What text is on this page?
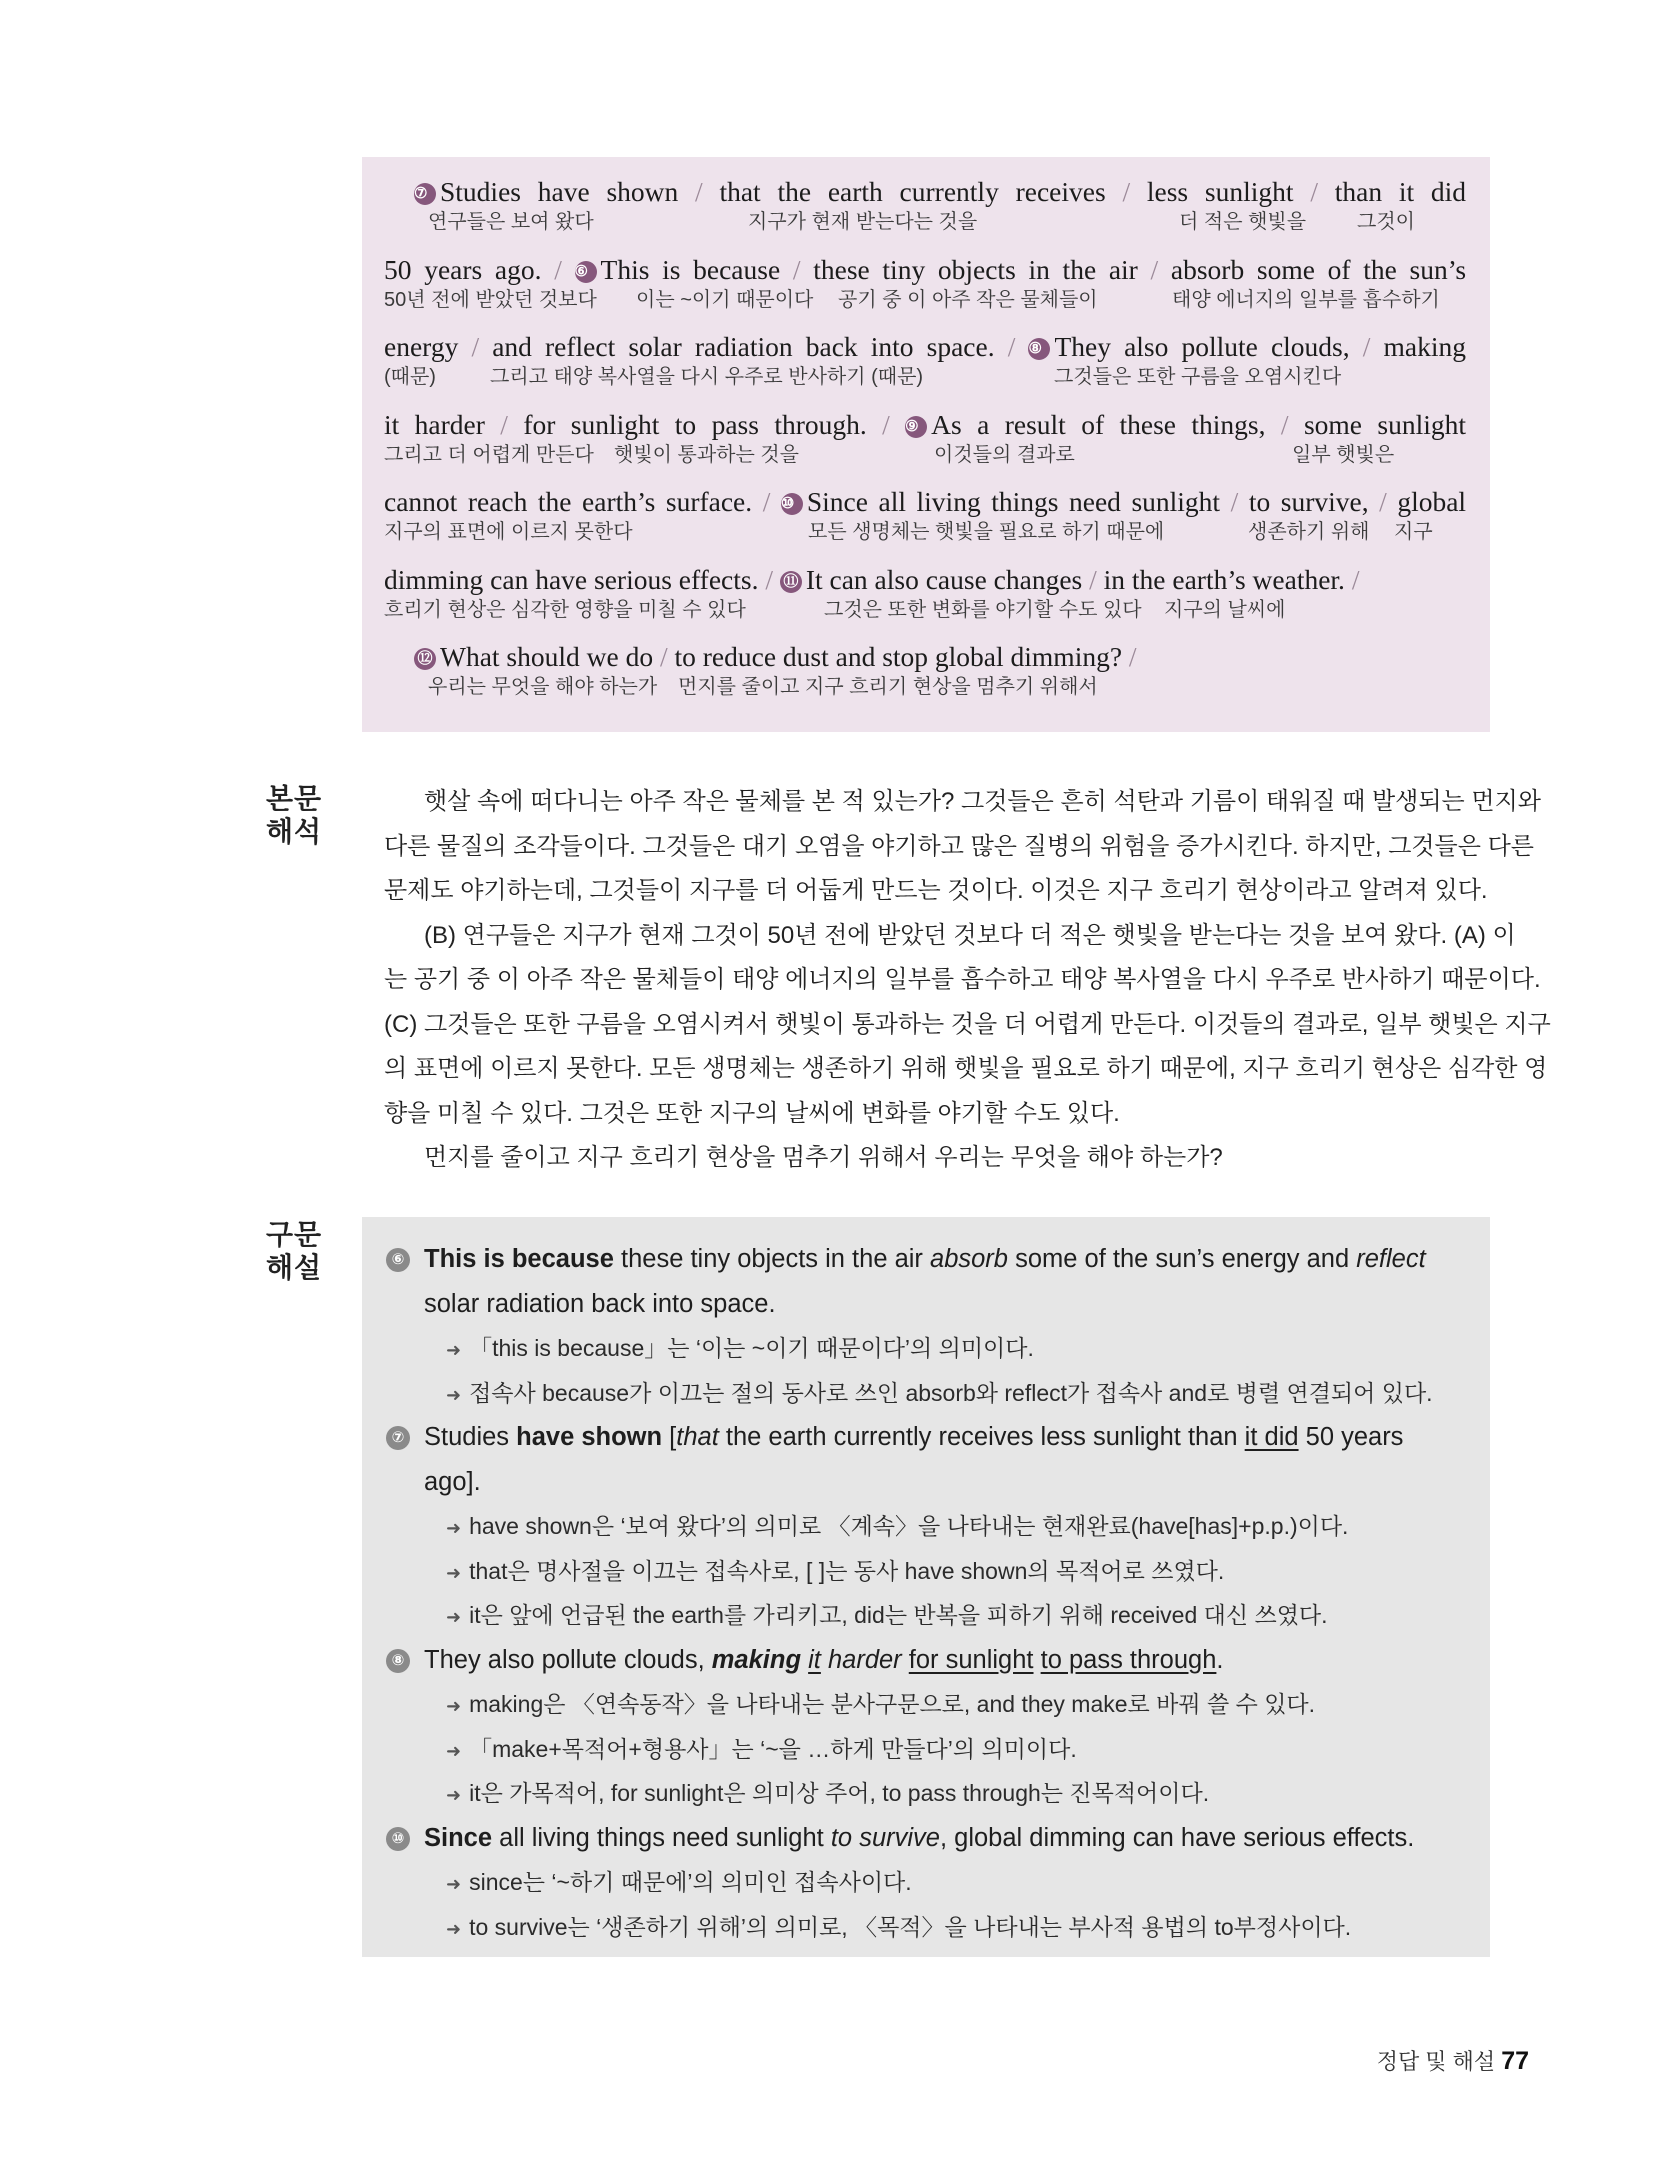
⑦ Studies have shown / that the earth currently receives / less sunlight / than it did
연구들은 보여 왔다	지구가 현재 받는다는 것을	더 적은 햇빛을	그것이
50 years ago. / ⑥ This is because / these tiny objects in the air / absorb some of the sun’s
50년 전에 받았던 것보다 이는 ~이기 때문이다 공기 중 이 아주 작은 물체들이	태양 에너지의 일부를 흡수하기
energy / and reflect solar radiation back into space. / ⑧ They also pollute clouds, / making
(때문)	그리고 태양 복사열을 다시 우주로 반사하기 (때문)	그것들은 또한 구름을 오염시킨다
it harder / for sunlight to pass through. / ⑨ As a result of these things, / some sunlight
그리고 더 어렵게 만든다 햇빛이 통과하는 것을	이것들의 결과로	일부 햇빛은
cannot reach the earth’s surface. / ⑩ Since all living things need sunlight / to survive, / global
지구의 표면에 이르지 못한다	모든 생명체는 햇빛을 필요로 하기 때문에	생존하기 위해 지구
dimming can have serious effects. / ⑪ It can also cause changes / in the earth’s weather. /
흐리기 현상은 심각한 영향을 미칠 수 있다	그것은 또한 변화를 야기할 수도 있다 지구의 날씨에
⑫ What should we do / to reduce dust and stop global dimming? /
우리는 무엇을 해야 하는가 먼지를 줄이고 지구 흐리기 현상을 멈추기 위해서
본문
해석
햇살 속에 떠다니는 아주 작은 물체를 본 적 있는가? 그것들은 흔히 석탄과 기름이 태워질 때 발생되는 먼지와
다른 물질의 조각들이다. 그것들은 대기 오염을 야기하고 많은 질병의 위험을 증가시킨다. 하지만, 그것들은 다른
문제도 야기하는데, 그것들이 지구를 더 어둡게 만드는 것이다. 이것은 지구 흐리기 현상이라고 알려져 있다.
(B) 연구들은 지구가 현재 그것이 50년 전에 받았던 것보다 더 적은 햇빛을 받는다는 것을 보여 왔다. (A) 이
는 공기 중 이 아주 작은 물체들이 태양 에너지의 일부를 흡수하고 태양 복사열을 다시 우주로 반사하기 때문이다.
(C) 그것들은 또한 구름을 오염시켜서 햇빛이 통과하는 것을 더 어렵게 만든다. 이것들의 결과로, 일부 햇빛은 지구
의 표면에 이르지 못한다. 모든 생명체는 생존하기 위해 햇빛을 필요로 하기 때문에, 지구 흐리기 현상은 심각한 영
향을 미칠 수 있다. 그것은 또한 지구의 날씨에 변화를 야기할 수도 있다.
먼지를 줄이고 지구 흐리기 현상을 멈추기 위해서 우리는 무엇을 해야 하는가?
구문
해설	⑥ This is because these tiny objects in the air absorb some of the sun’s energy and reflect
solar radiation back into space.
➜ 「this is because」는 ‘이는 ~이기 때문이다’의 의미이다.
➜ 접속사 because가 이끄는 절의 동사로 쓰인 absorb와 reflect가 접속사 and로 병렬 연결되어 있다.
⑦ Studies have shown [that the earth currently receives less sunlight than it did 50 years
ago].
➜ have shown은 ‘보여 왔다’의 의미로 〈계속〉을 나타내는 현재완료(have[has]+p.p.)이다.
➜ that은 명사절을 이끄는 접속사로, [ ]는 동사 have shown의 목적어로 쓰였다.
➜ it은 앞에 언급된 the earth를 가리키고, did는 반복을 피하기 위해 received 대신 쓰였다.
⑧ They also pollute clouds, making it harder for sunlight to pass through.
➜ making은 〈연속동작〉을 나타내는 분사구문으로, and they make로 바꿔 쓸 수 있다.
➜ 「make+목적어+형용사」는 ‘~을 …하게 만들다’의 의미이다.
➜ it은 가목적어, for sunlight은 의미상 주어, to pass through는 진목적어이다.
⑩ Since all living things need sunlight to survive, global dimming can have serious effects.
➜ since는 ‘~하기 때문에’의 의미인 접속사이다.
➜ to survive는 ‘생존하기 위해’의 의미로, 〈목적〉을 나타내는 부사적 용법의 to부정사이다.
정답 및 해설 77
